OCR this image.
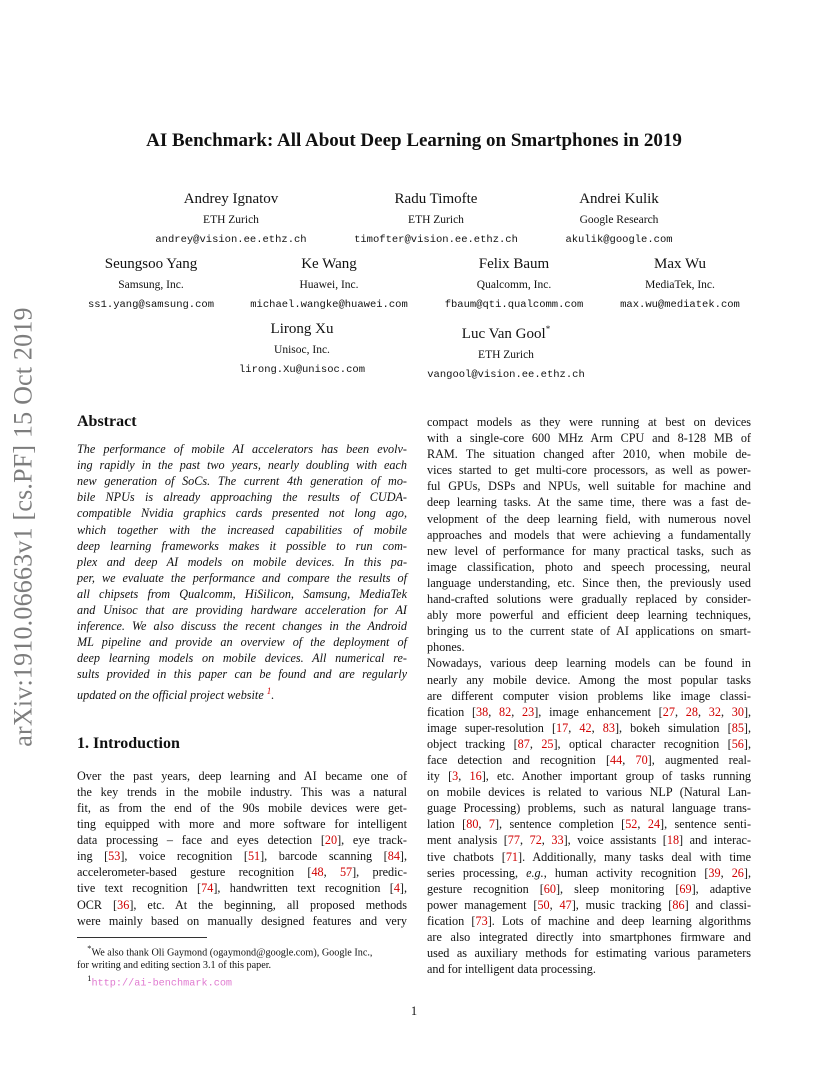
arXiv:1910.06663v1 [cs.PF] 15 Oct 2019
AI Benchmark: All About Deep Learning on Smartphones in 2019
Andrey Ignatov
ETH Zurich
andrey@vision.ee.ethz.ch
Radu Timofte
ETH Zurich
timofter@vision.ee.ethz.ch
Andrei Kulik
Google Research
akulik@google.com
Seungsoo Yang
Samsung, Inc.
ss1.yang@samsung.com
Ke Wang
Huawei, Inc.
michael.wangke@huawei.com
Felix Baum
Qualcomm, Inc.
fbaum@qti.qualcomm.com
Max Wu
MediaTek, Inc.
max.wu@mediatek.com
Lirong Xu
Unisoc, Inc.
lirong.Xu@unisoc.com
Luc Van Gool*
ETH Zurich
vangool@vision.ee.ethz.ch
Abstract
The performance of mobile AI accelerators has been evolv-
ing rapidly in the past two years, nearly doubling with each
new generation of SoCs. The current 4th generation of mo-
bile NPUs is already approaching the results of CUDA-
compatible Nvidia graphics cards presented not long ago,
which together with the increased capabilities of mobile
deep learning frameworks makes it possible to run com-
plex and deep AI models on mobile devices. In this pa-
per, we evaluate the performance and compare the results of
all chipsets from Qualcomm, HiSilicon, Samsung, MediaTek
and Unisoc that are providing hardware acceleration for AI
inference. We also discuss the recent changes in the Android
ML pipeline and provide an overview of the deployment of
deep learning models on mobile devices. All numerical re-
sults provided in this paper can be found and are regularly
updated on the official project website $^1$.
1. Introduction
Over the past years, deep learning and AI became one of
the key trends in the mobile industry. This was a natural
fit, as from the end of the 90s mobile devices were get-
ting equipped with more and more software for intelligent
data processing – face and eyes detection [20], eye track-
ing [53], voice recognition [51], barcode scanning [84],
accelerometer-based gesture recognition [48, 57], predic-
tive text recognition [74], handwritten text recognition [4],
OCR [36], etc. At the beginning, all proposed methods
were mainly based on manually designed features and very
compact models as they were running at best on devices
with a single-core 600 MHz Arm CPU and 8-128 MB of
RAM. The situation changed after 2010, when mobile de-
vices started to get multi-core processors, as well as power-
ful GPUs, DSPs and NPUs, well suitable for machine and
deep learning tasks. At the same time, there was a fast de-
velopment of the deep learning field, with numerous novel
approaches and models that were achieving a fundamentally
new level of performance for many practical tasks, such as
image classification, photo and speech processing, neural
language understanding, etc. Since then, the previously used
hand-crafted solutions were gradually replaced by consider-
ably more powerful and efficient deep learning techniques,
bringing us to the current state of AI applications on smart-
phones.
Nowadays, various deep learning models can be found in
nearly any mobile device. Among the most popular tasks
are different computer vision problems like image classi-
fication [38, 82, 23], image enhancement [27, 28, 32, 30],
image super-resolution [17, 42, 83], bokeh simulation [85],
object tracking [87, 25], optical character recognition [56],
face detection and recognition [44, 70], augmented real-
ity [3, 16], etc. Another important group of tasks running
on mobile devices is related to various NLP (Natural Lan-
guage Processing) problems, such as natural language trans-
lation [80, 7], sentence completion [52, 24], sentence senti-
ment analysis [77, 72, 33], voice assistants [18] and interac-
tive chatbots [71]. Additionally, many tasks deal with time
series processing, e.g., human activity recognition [39, 26],
gesture recognition [60], sleep monitoring [69], adaptive
power management [50, 47], music tracking [86] and classi-
fication [73]. Lots of machine and deep learning algorithms
are also integrated directly into smartphones firmware and
used as auxiliary methods for estimating various parameters
and for intelligent data processing.
*We also thank Oli Gaymond (ogaymond@google.com), Google Inc.,
for writing and editing section 3.1 of this paper.
$^1$http://ai-benchmark.com
1
